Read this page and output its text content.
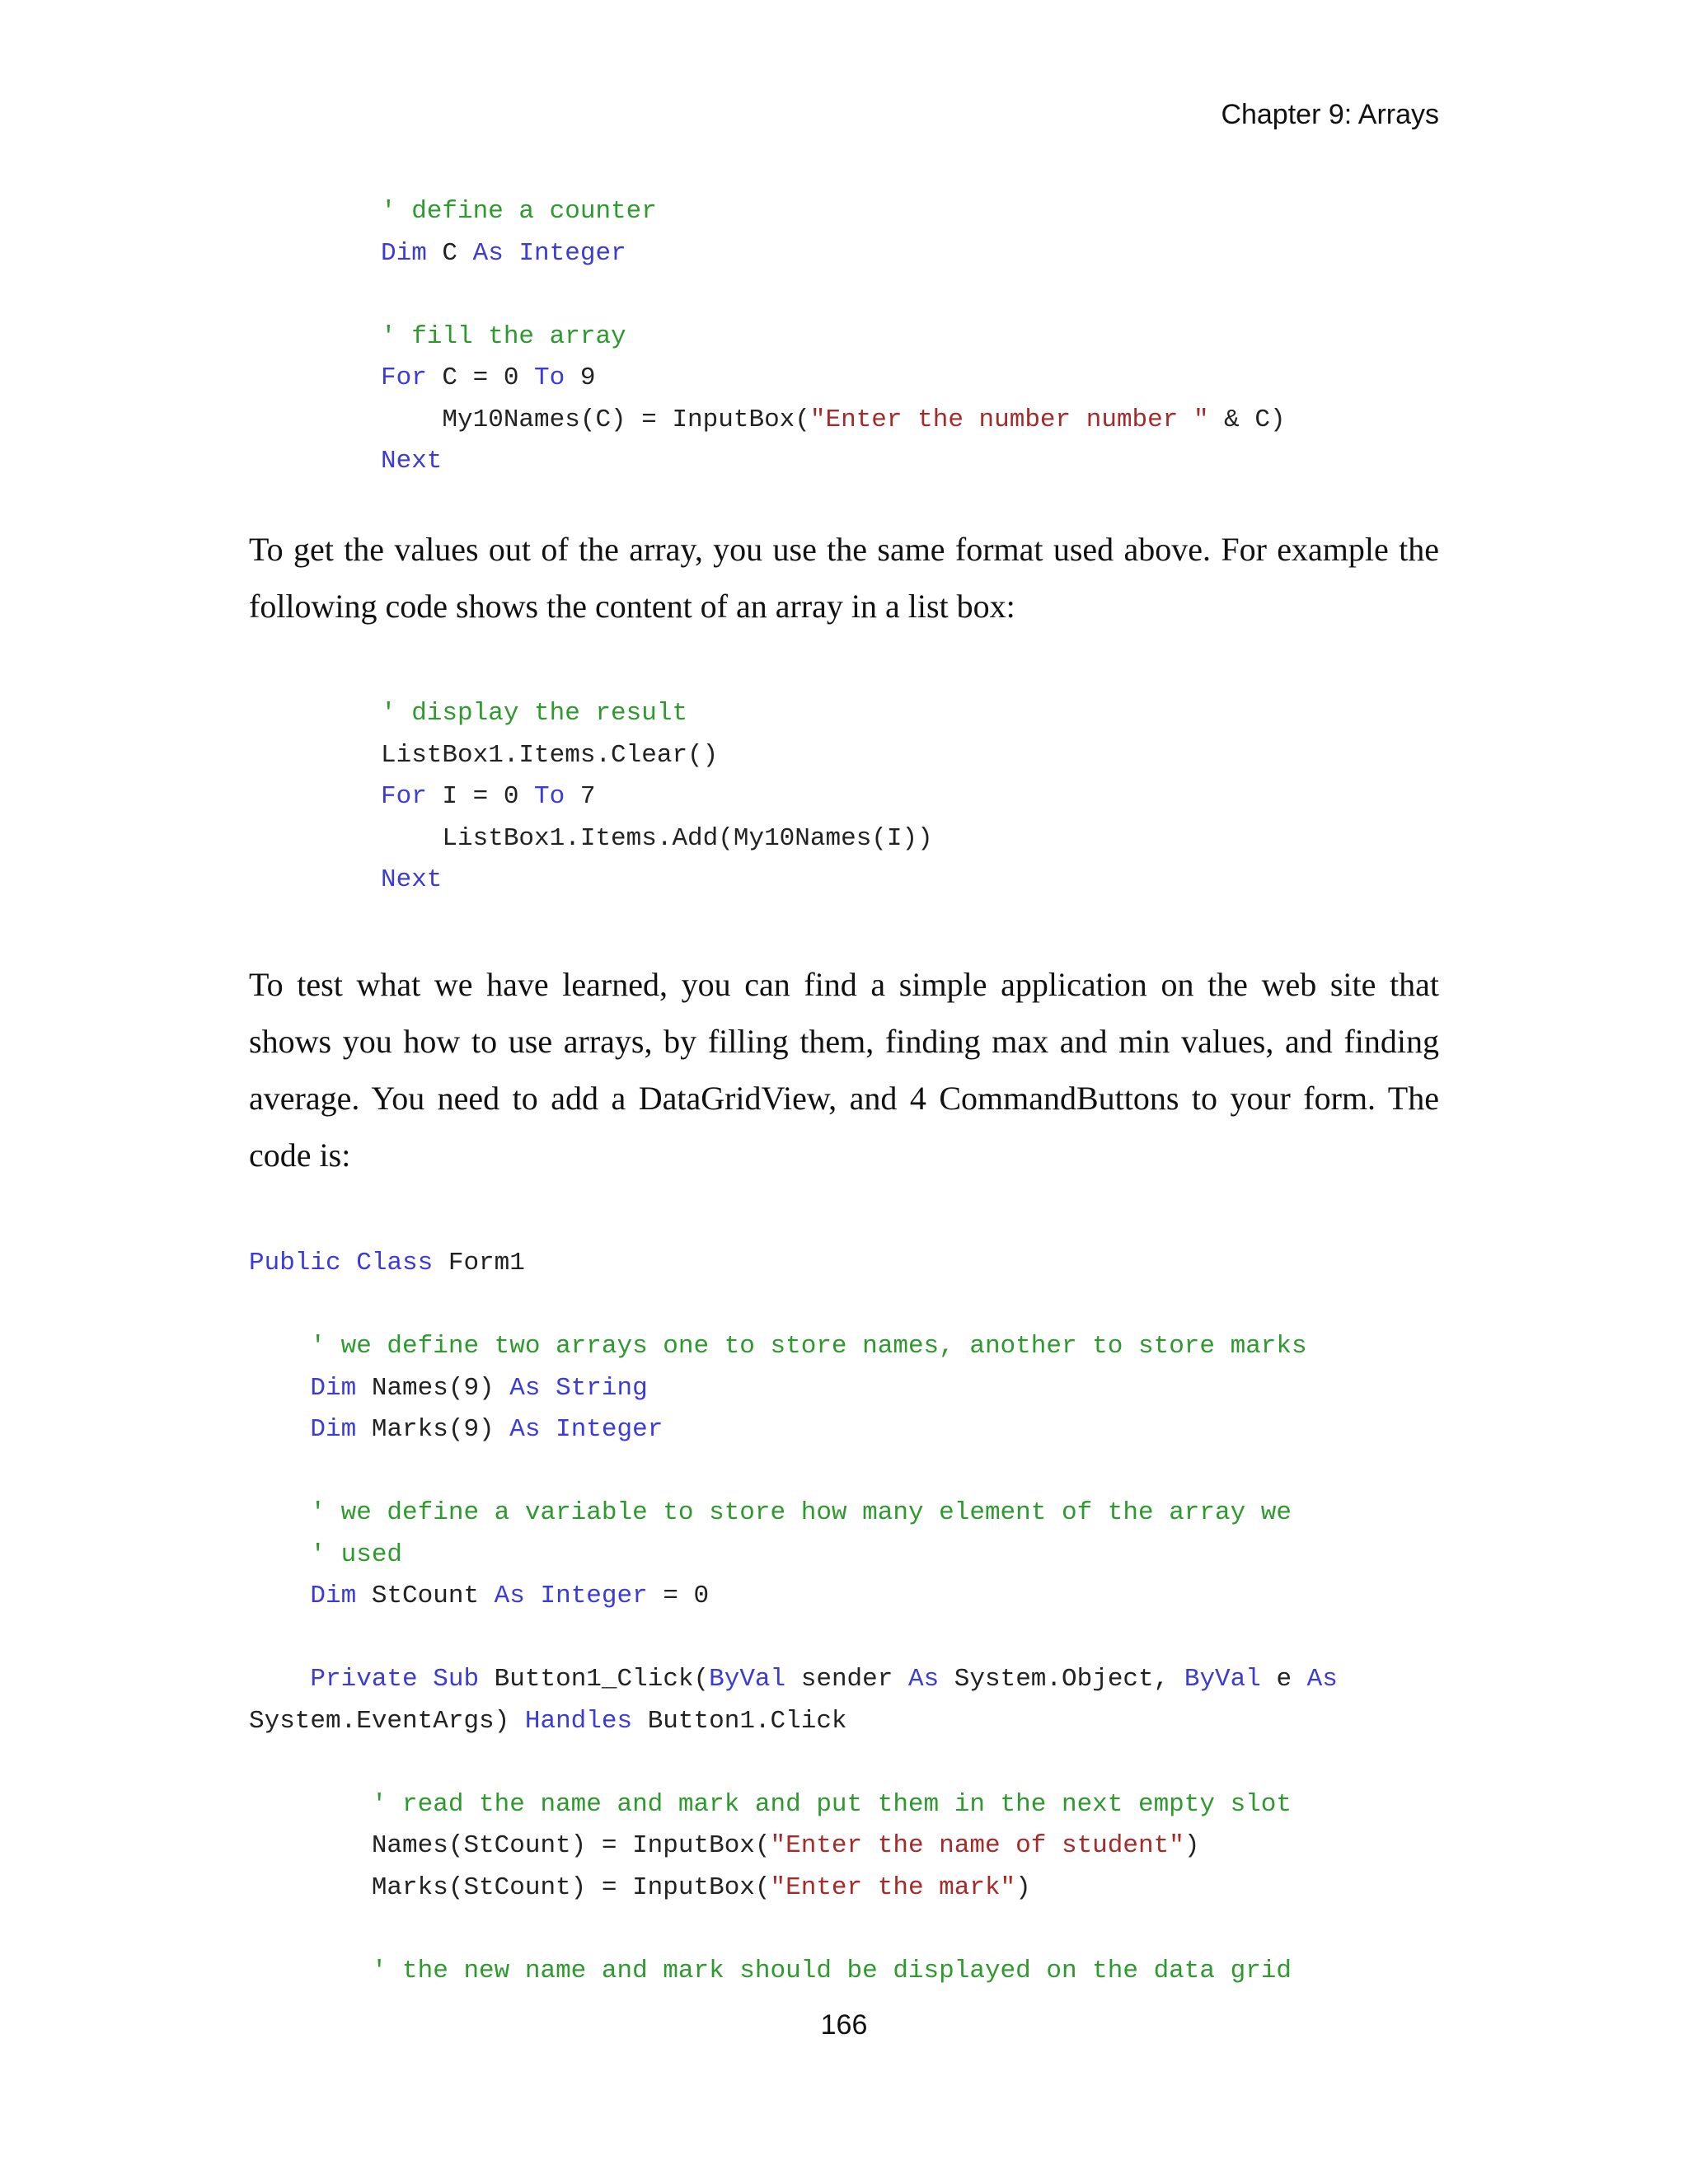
Chapter 9: Arrays

' define a counter
Dim C As Integer
' fill the array
For C = 0 To 9
My10Names(C) = InputBox("Enter the number number " & C)
Next

To get the values out of the array, you use the same format used above. For example the following code shows the content of an array in a list box:

' display the result
ListBox1.Items.Clear()
For I = 0 To 7
ListBox1.Items.Add(My10Names(I))
Next

To test what we have learned, you can find a simple application on the web site that shows you how to use arrays, by filling them, finding max and min values, and finding average. You need to add a DataGridView, and 4 CommandButtons to your form. The code is:

Public Class Form1
' we define two arrays one to store names, another to store marks
Dim Names(9) As String
Dim Marks(9) As Integer
' we define a variable to store how many element of the array we
' used
Dim StCount As Integer = 0
Private Sub Button1_Click(ByVal sender As System.Object, ByVal e As
System.EventArgs) Handles Button1.Click
' read the name and mark and put them in the next empty slot
Names(StCount) = InputBox("Enter the name of student")
Marks(StCount) = InputBox("Enter the mark")
' the new name and mark should be displayed on the data grid

166
